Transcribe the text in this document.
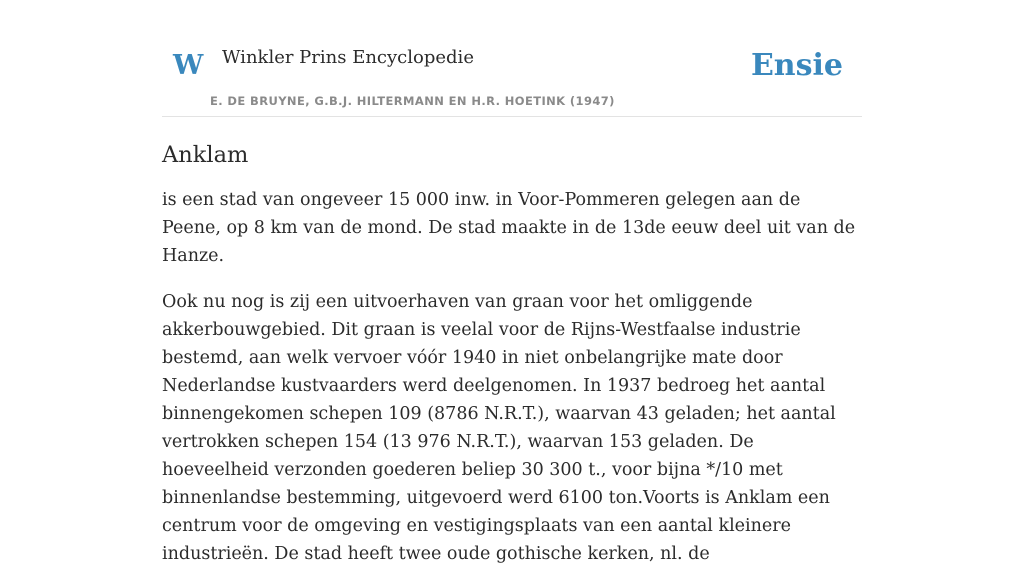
W Winkler Prins Encyclopedie
E. DE BRUYNE, G.B.J. HILTERMANN EN H.R. HOETINK (1947)
Ensie
Anklam

is een stad van ongeveer 15 000 inw. in Voor-Pommeren gelegen aan de Peene, op 8 km van de mond. De stad maakte in de 13de eeuw deel uit van de Hanze.

Ook nu nog is zij een uitvoerhaven van graan voor het omliggende akkerbouwgebied. Dit graan is veelal voor de Rijns-Westfaalse industrie bestemd, aan welk vervoer vóór 1940 in niet onbelangrijke mate door Nederlandse kustvaarders werd deelgenomen. In 1937 bedroeg het aantal binnengekomen schepen 109 (8786 N.R.T.), waarvan 43 geladen; het aantal vertrokken schepen 154 (13 976 N.R.T.), waarvan 153 geladen. De hoeveelheid verzonden goederen beliep 30 300 t., voor bijna */10 met binnenlandse bestemming, uitgevoerd werd 6100 ton.Voorts is Anklam een centrum voor de omgeving en vestigingsplaats van een aantal kleinere industrieën. De stad heeft twee oude gothische kerken, nl. de
